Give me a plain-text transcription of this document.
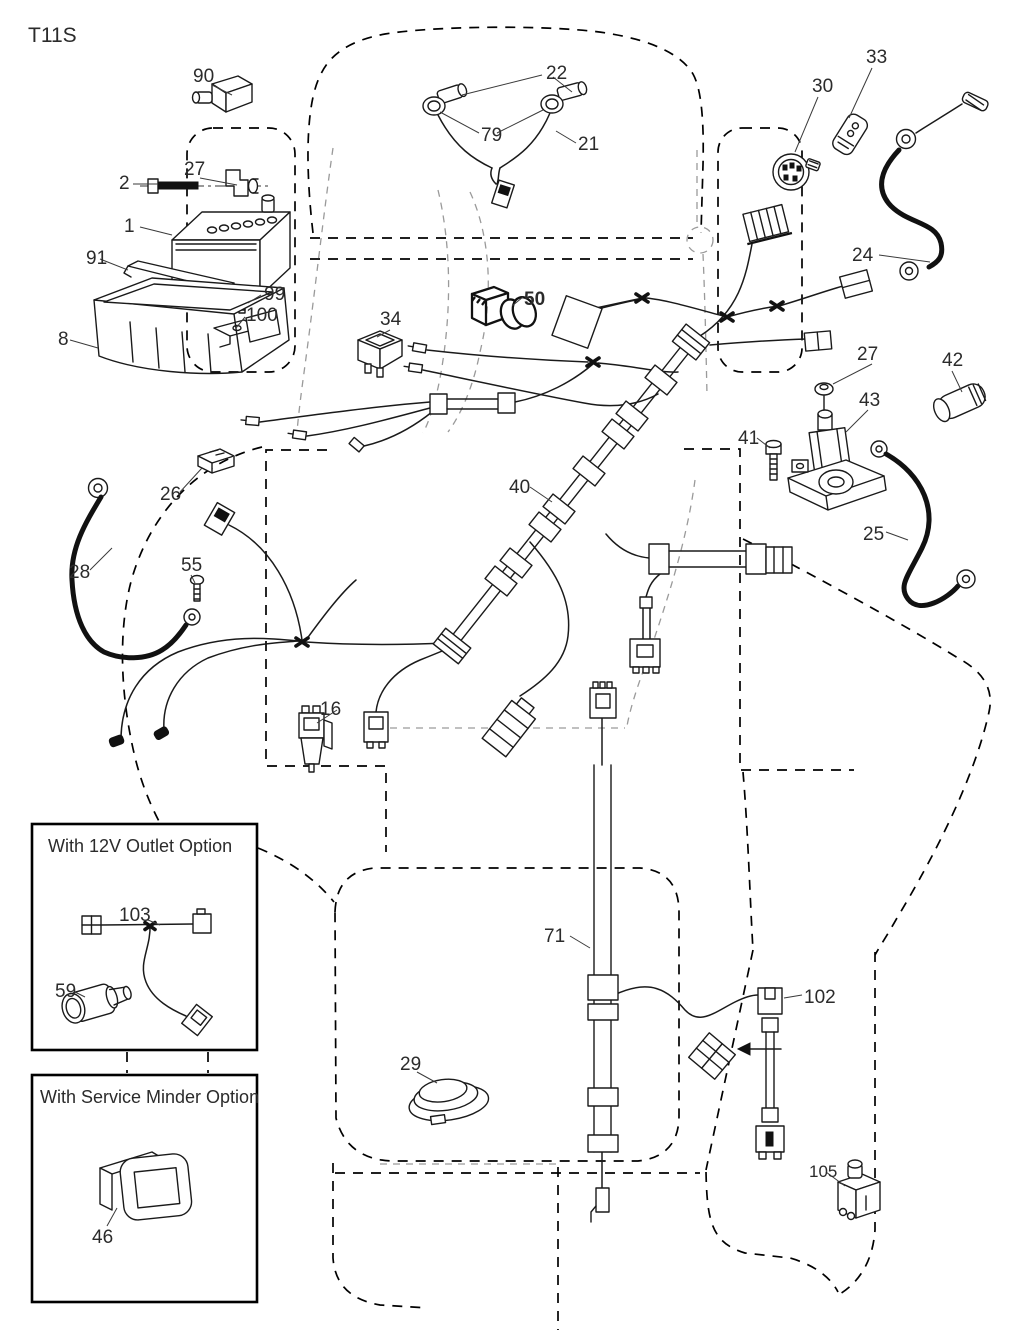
T11S
90	22
79	21
33
30
2
27
1
91
99
100
8
24
34
50
42
27
43
41
25
26	40
28	55
16
103
59
29
71
102
105
46
With 12V Outlet Option
With Service Minder Option
